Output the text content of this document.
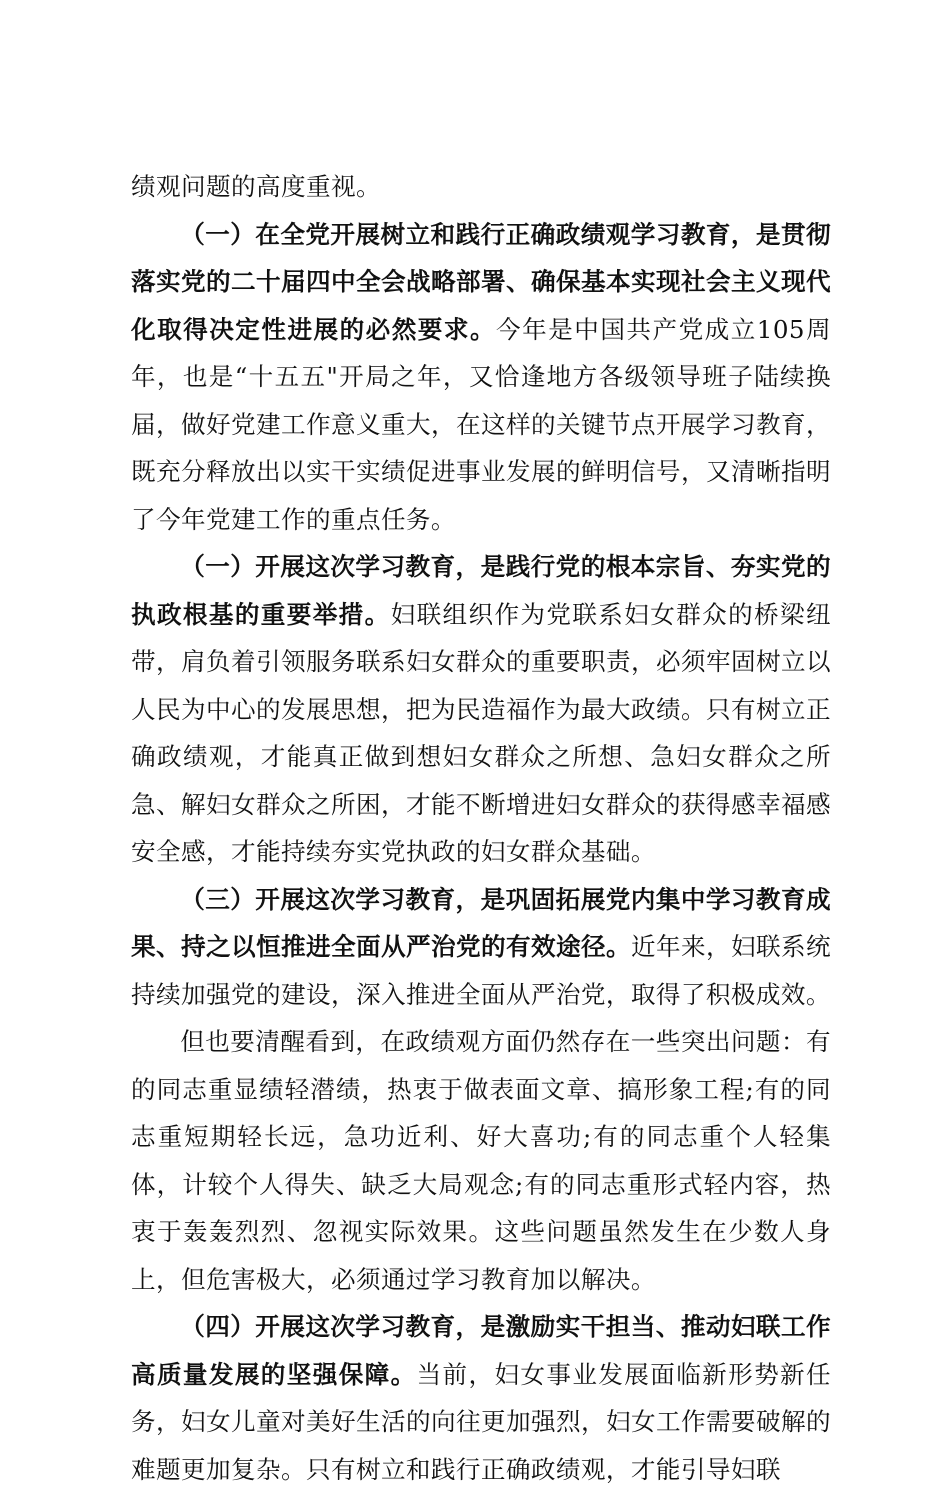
绩观问题的高度重视。

（一）在全党开展树立和践行正确政绩观学习教育，是贯彻落实党的二十届四中全会战略部署、确保基本实现社会主义现代化取得决定性进展的必然要求。今年是中国共产党成立105周年，也是“十五五"开局之年，又恰逢地方各级领导班子陆续换届，做好党建工作意义重大，在这样的关键节点开展学习教育，既充分释放出以实干实绩促进事业发展的鲜明信号，又清晰指明了今年党建工作的重点任务。

（一）开展这次学习教育，是践行党的根本宗旨、夯实党的执政根基的重要举措。妇联组织作为党联系妇女群众的桥梁纽带，肩负着引领服务联系妇女群众的重要职责，必须牢固树立以人民为中心的发展思想，把为民造福作为最大政绩。只有树立正确政绩观，才能真正做到想妇女群众之所想、急妇女群众之所急、解妇女群众之所困，才能不断增进妇女群众的获得感幸福感安全感，才能持续夯实党执政的妇女群众基础。

（三）开展这次学习教育，是巩固拓展党内集中学习教育成果、持之以恒推进全面从严治党的有效途径。近年来，妇联系统持续加强党的建设，深入推进全面从严治党，取得了积极成效。

但也要清醒看到，在政绩观方面仍然存在一些突出问题：有的同志重显绩轻潜绩，热衷于做表面文章、搞形象工程;有的同志重短期轻长远，急功近利、好大喜功;有的同志重个人轻集体，计较个人得失、缺乏大局观念;有的同志重形式轻内容，热衷于轰轰烈烈、忽视实际效果。这些问题虽然发生在少数人身上，但危害极大，必须通过学习教育加以解决。

（四）开展这次学习教育，是激励实干担当、推动妇联工作高质量发展的坚强保障。当前，妇女事业发展面临新形势新任务，妇女儿童对美好生活的向往更加强烈，妇女工作需要破解的难题更加复杂。只有树立和践行正确政绩观，才能引导妇联
